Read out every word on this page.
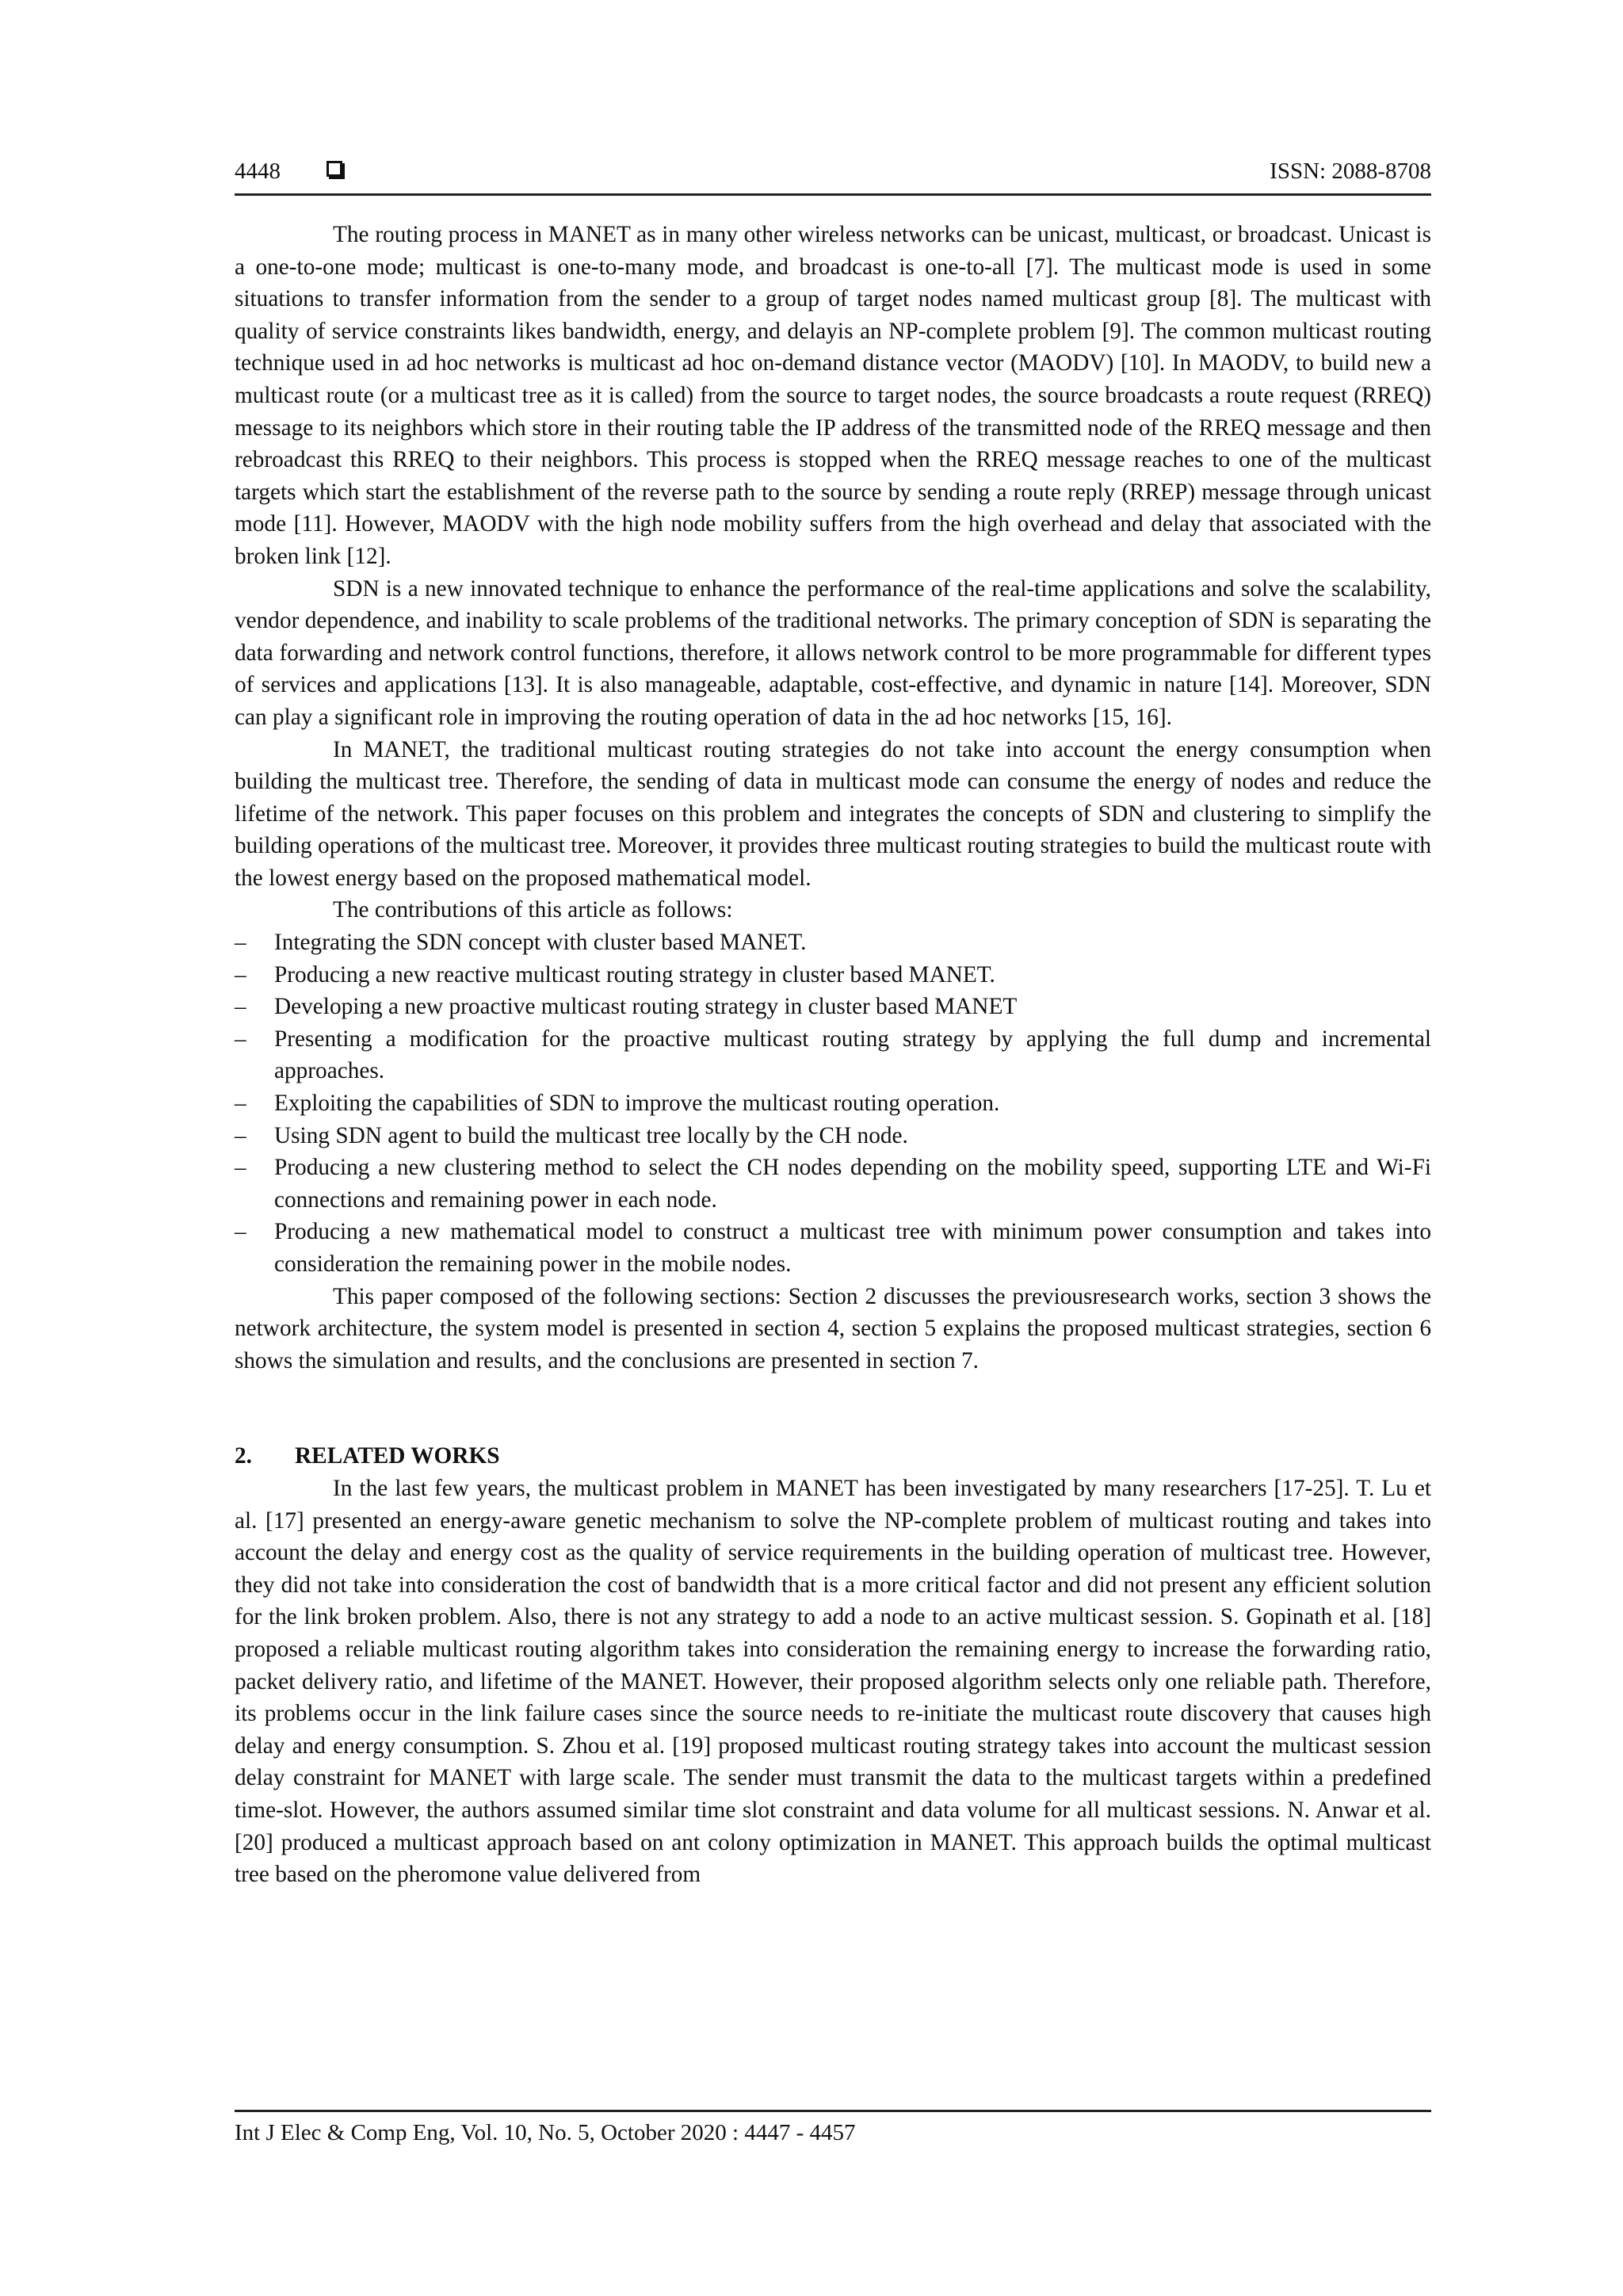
4448	ISSN: 2088-8708

The routing process in MANET as in many other wireless networks can be unicast, multicast, or broadcast. Unicast is a one-to-one mode; multicast is one-to-many mode, and broadcast is one-to-all [7]. The multicast mode is used in some situations to transfer information from the sender to a group of target nodes named multicast group [8]. The multicast with quality of service constraints likes bandwidth, energy, and delayis an NP-complete problem [9]. The common multicast routing technique used in ad hoc networks is multicast ad hoc on-demand distance vector (MAODV) [10]. In MAODV, to build new a multicast route (or a multicast tree as it is called) from the source to target nodes, the source broadcasts a route request (RREQ) message to its neighbors which store in their routing table the IP address of the transmitted node of the RREQ message and then rebroadcast this RREQ to their neighbors. This process is stopped when the RREQ message reaches to one of the multicast targets which start the establishment of the reverse path to the source by sending a route reply (RREP) message through unicast mode [11]. However, MAODV with the high node mobility suffers from the high overhead and delay that associated with the broken link [12].

SDN is a new innovated technique to enhance the performance of the real-time applications and solve the scalability, vendor dependence, and inability to scale problems of the traditional networks. The primary conception of SDN is separating the data forwarding and network control functions, therefore, it allows network control to be more programmable for different types of services and applications [13]. It is also manageable, adaptable, cost-effective, and dynamic in nature [14]. Moreover, SDN can play a significant role in improving the routing operation of data in the ad hoc networks [15, 16].

In MANET, the traditional multicast routing strategies do not take into account the energy consumption when building the multicast tree. Therefore, the sending of data in multicast mode can consume the energy of nodes and reduce the lifetime of the network. This paper focuses on this problem and integrates the concepts of SDN and clustering to simplify the building operations of the multicast tree. Moreover, it provides three multicast routing strategies to build the multicast route with the lowest energy based on the proposed mathematical model.

The contributions of this article as follows:

– Integrating the SDN concept with cluster based MANET.
– Producing a new reactive multicast routing strategy in cluster based MANET.
– Developing a new proactive multicast routing strategy in cluster based MANET
– Presenting a modification for the proactive multicast routing strategy by applying the full dump and incremental approaches.
– Exploiting the capabilities of SDN to improve the multicast routing operation.
– Using SDN agent to build the multicast tree locally by the CH node.
– Producing a new clustering method to select the CH nodes depending on the mobility speed, supporting LTE and Wi-Fi connections and remaining power in each node.
– Producing a new mathematical model to construct a multicast tree with minimum power consumption and takes into consideration the remaining power in the mobile nodes.

This paper composed of the following sections: Section 2 discusses the previousresearch works, section 3 shows the network architecture, the system model is presented in section 4, section 5 explains the proposed multicast strategies, section 6 shows the simulation and results, and the conclusions are presented in section 7.

2. RELATED WORKS

In the last few years, the multicast problem in MANET has been investigated by many researchers [17-25]. T. Lu et al. [17] presented an energy-aware genetic mechanism to solve the NP-complete problem of multicast routing and takes into account the delay and energy cost as the quality of service requirements in the building operation of multicast tree. However, they did not take into consideration the cost of bandwidth that is a more critical factor and did not present any efficient solution for the link broken problem. Also, there is not any strategy to add a node to an active multicast session. S. Gopinath et al. [18] proposed a reliable multicast routing algorithm takes into consideration the remaining energy to increase the forwarding ratio, packet delivery ratio, and lifetime of the MANET. However, their proposed algorithm selects only one reliable path. Therefore, its problems occur in the link failure cases since the source needs to re-initiate the multicast route discovery that causes high delay and energy consumption. S. Zhou et al. [19] proposed multicast routing strategy takes into account the multicast session delay constraint for MANET with large scale. The sender must transmit the data to the multicast targets within a predefined time-slot. However, the authors assumed similar time slot constraint and data volume for all multicast sessions. N. Anwar et al. [20] produced a multicast approach based on ant colony optimization in MANET. This approach builds the optimal multicast tree based on the pheromone value delivered from

Int J Elec & Comp Eng, Vol. 10, No. 5, October 2020 : 4447 - 4457
